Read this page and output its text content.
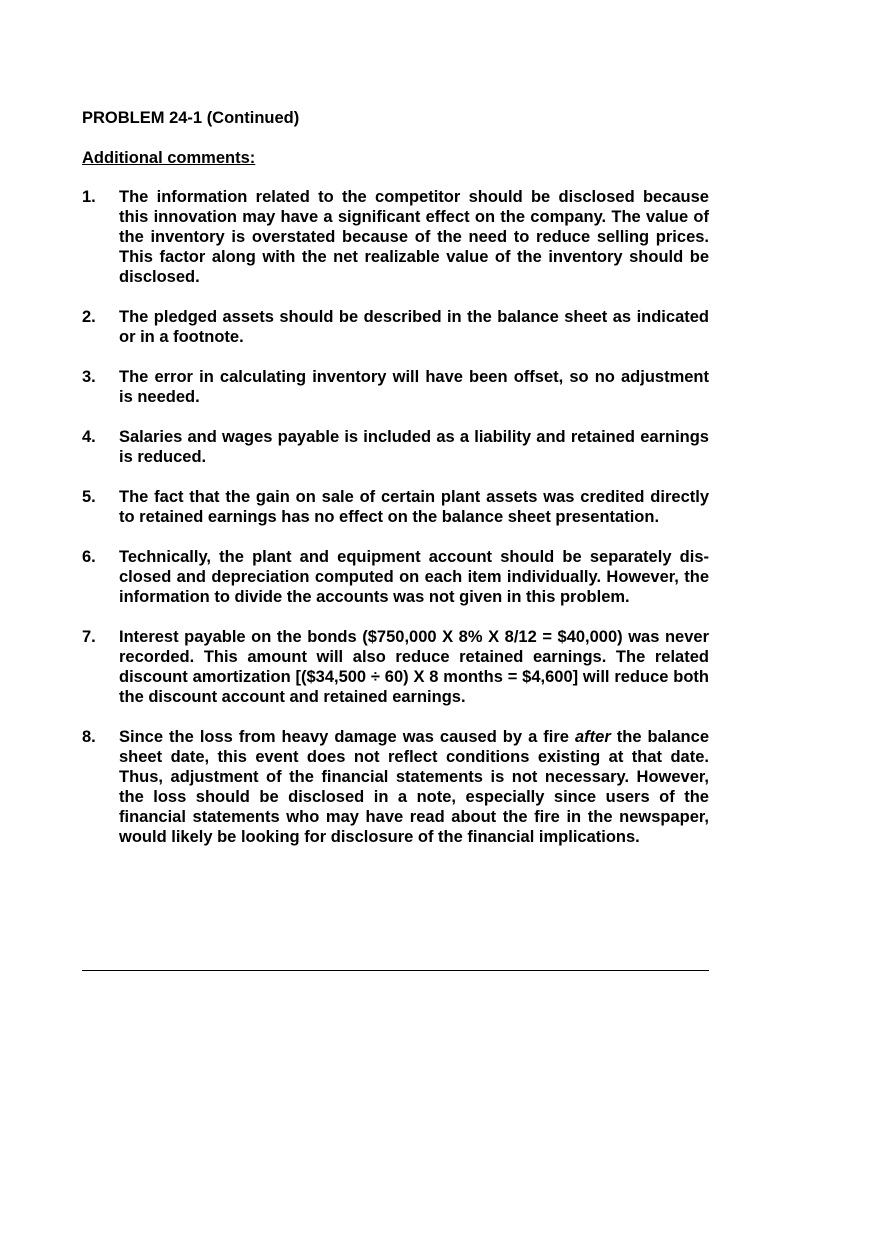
PROBLEM 24-1 (Continued)
Additional comments:
1.	The information related to the competitor should be disclosed because this innovation may have a significant effect on the company. The value of the inventory is overstated because of the need to reduce selling prices. This factor along with the net realizable value of the inventory should be disclosed.
2.	The pledged assets should be described in the balance sheet as indicated or in a footnote.
3.	The error in calculating inventory will have been offset, so no adjustment is needed.
4.	Salaries and wages payable is included as a liability and retained earnings is reduced.
5.	The fact that the gain on sale of certain plant assets was credited directly to retained earnings has no effect on the balance sheet presentation.
6.	Technically, the plant and equipment account should be separately dis-closed and depreciation computed on each item individually. However, the information to divide the accounts was not given in this problem.
7.	Interest payable on the bonds ($750,000 X 8% X 8/12 = $40,000) was never recorded. This amount will also reduce retained earnings. The related discount amortization [($34,500 ÷ 60) X 8 months = $4,600] will reduce both the discount account and retained earnings.
8.	Since the loss from heavy damage was caused by a fire after the balance sheet date, this event does not reflect conditions existing at that date. Thus, adjustment of the financial statements is not necessary. However, the loss should be disclosed in a note, especially since users of the financial statements who may have read about the fire in the newspaper, would likely be looking for disclosure of the financial implications.
